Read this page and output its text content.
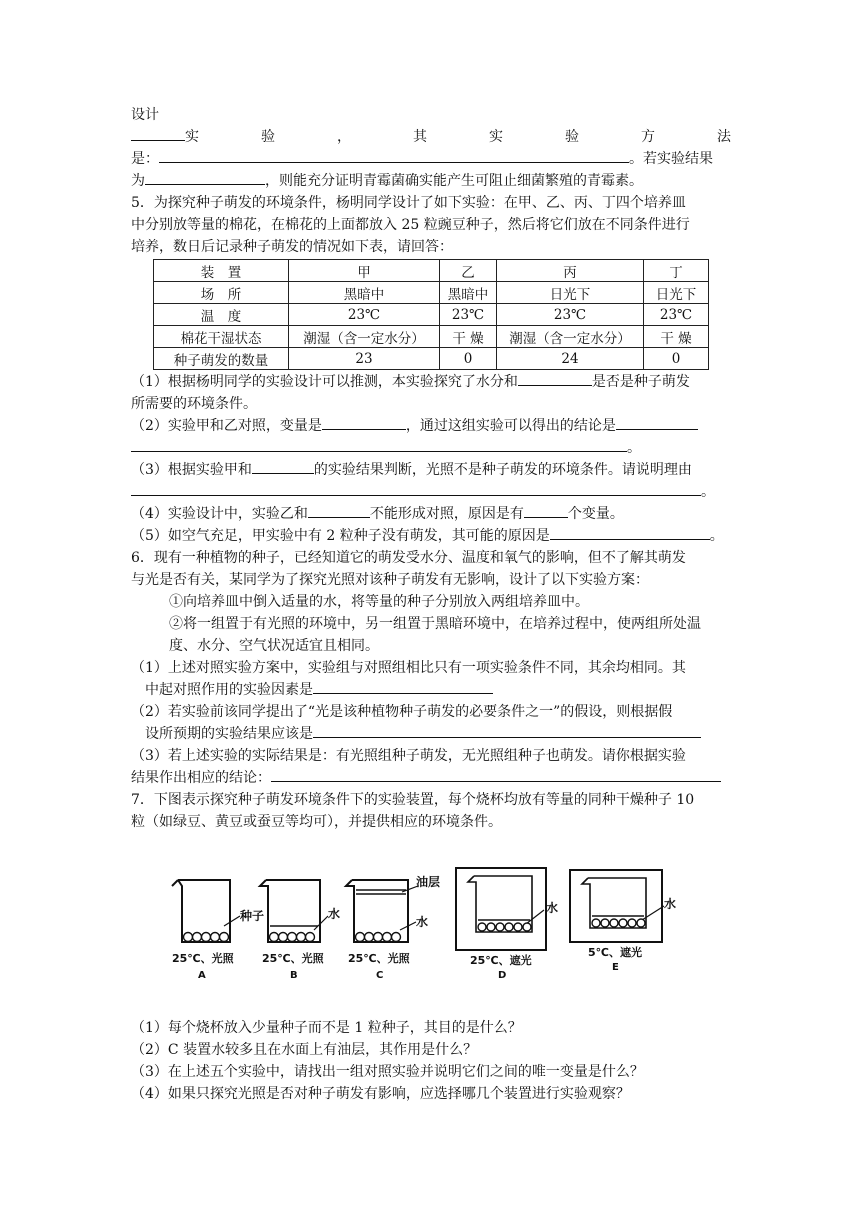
设计
实	验	，	其	实	验	方	法
是：	。若实验结果
为	，则能充分证明青霉菌确实能产生可阻止细菌繁殖的青霉素。
5．为探究种子萌发的环境条件，杨明同学设计了如下实验：在甲、乙、丙、丁四个培养皿
中分别放等量的棉花，在棉花的上面都放入 25 粒豌豆种子，然后将它们放在不同条件进行
培养，数日后记录种子萌发的情况如下表，请回答：
装　置	甲	乙	丙	丁
场　所	黑暗中	黑暗中	日光下	日光下
温　度	23℃	23℃	23℃	23℃
棉花干湿状态	潮湿（含一定水分）	干 燥	潮湿（含一定水分）	干 燥
种子萌发的数量	23	0	24	0
（1）根据杨明同学的实验设计可以推测，本实验探究了水分和	是否是种子萌发
所需要的环境条件。
（2）实验甲和乙对照，变量是	，通过这组实验可以得出的结论是
。
（3）根据实验甲和	的实验结果判断，光照不是种子萌发的环境条件。请说明理由
。
（4）实验设计中，实验乙和	不能形成对照，原因是有	个变量。
（5）如空气充足，甲实验中有 2 粒种子没有萌发，其可能的原因是	。
6．现有一种植物的种子，已经知道它的萌发受水分、温度和氧气的影响，但不了解其萌发
与光是否有关，某同学为了探究光照对该种子萌发有无影响，设计了以下实验方案：
①向培养皿中倒入适量的水，将等量的种子分别放入两组培养皿中。
②将一组置于有光照的环境中，另一组置于黑暗环境中，在培养过程中，使两组所处温
度、水分、空气状况适宜且相同。
（1）上述对照实验方案中，实验组与对照组相比只有一项实验条件不同，其余均相同。其
中起对照作用的实验因素是
（2）若实验前该同学提出了“光是该种植物种子萌发的必要条件之一”的假设，则根据假
设所预期的实验结果应该是
（3）若上述实验的实际结果是：有光照组种子萌发，无光照组种子也萌发。请你根据实验
结果作出相应的结论：
7．下图表示探究种子萌发环境条件下的实验装置，每个烧杯均放有等量的同种干燥种子 10
粒（如绿豆、黄豆或蚕豆等均可），并提供相应的环境条件。
种子	水
油层
水
水	水
25℃、光照	25℃、光照 25℃、光照	25℃、遮光
5℃、遮光
A	B	C	D
E
（1）每个烧杯放入少量种子而不是 1 粒种子，其目的是什么？
（2）C 装置水较多且在水面上有油层，其作用是什么？
（3）在上述五个实验中，请找出一组对照实验并说明它们之间的唯一变量是什么？
（4）如果只探究光照是否对种子萌发有影响，应选择哪几个装置进行实验观察？
